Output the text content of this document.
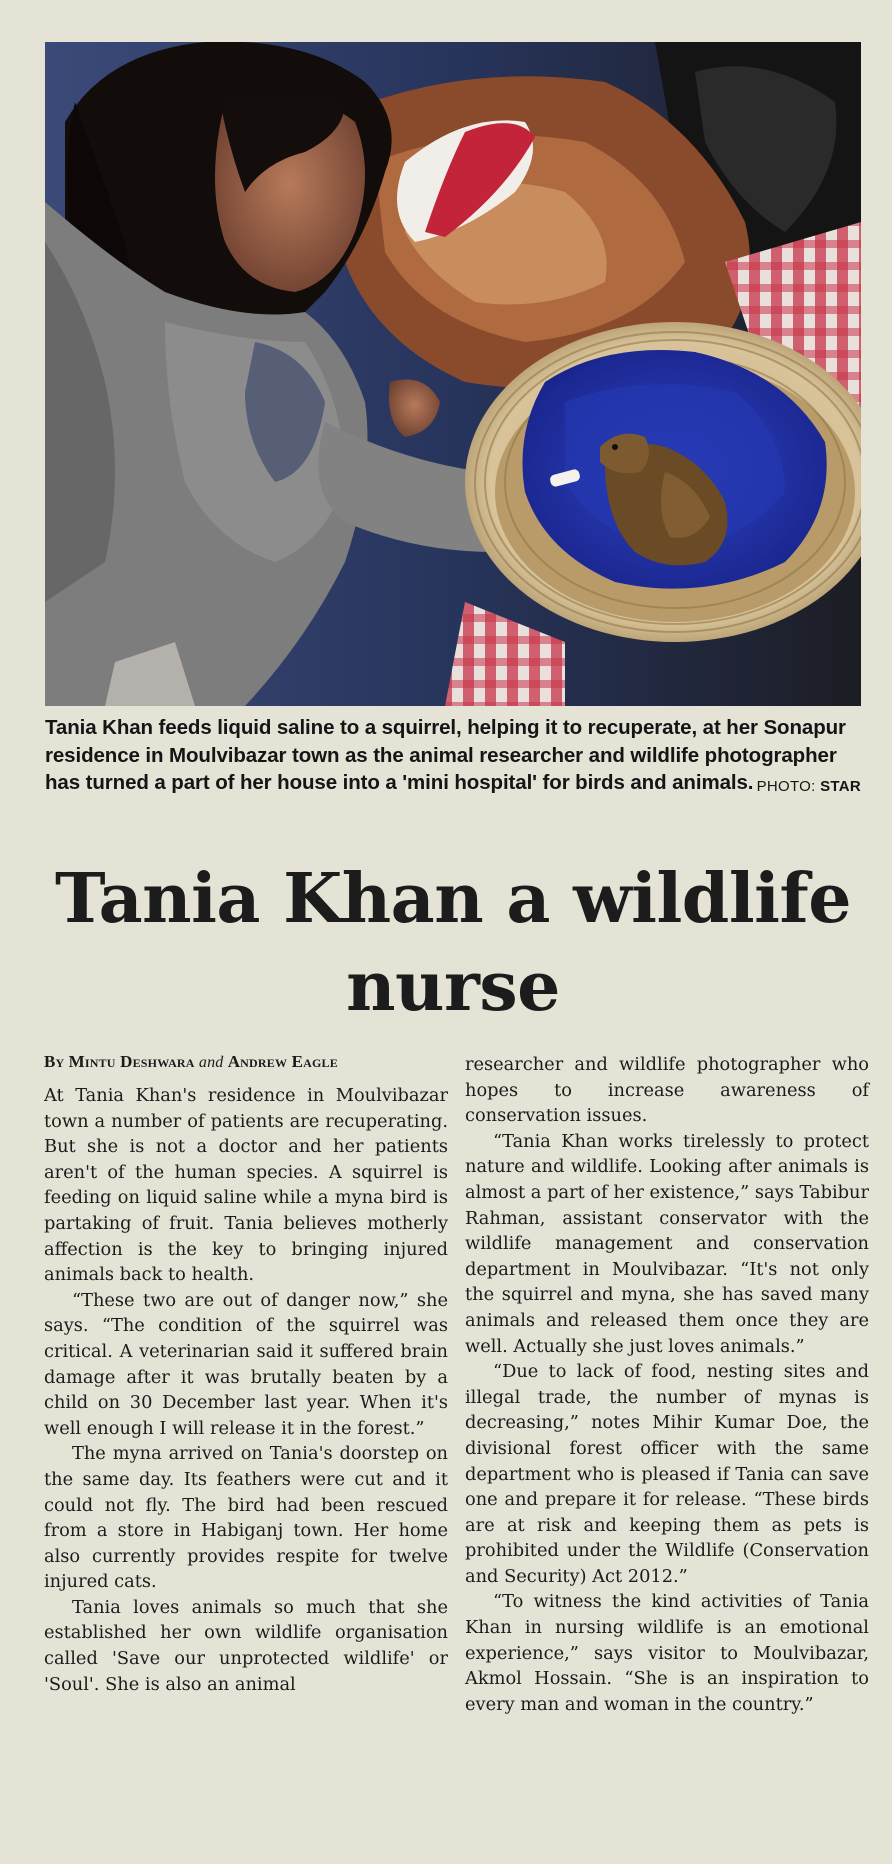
Tania Khan feeds liquid saline to a squirrel, helping it to recuperate, at her Sonapur residence in Moulvibazar town as the animal researcher and wildlife photographer has turned a part of her house into a 'mini hospital' for birds and animals. PHOTO: STAR
Tania Khan a wildlife
nurse
By Mintu Deshwara and Andrew Eagle

At Tania Khan's residence in Moulvibazar town a number of patients are recuperating. But she is not a doctor and her patients aren't of the human species. A squirrel is feeding on liquid saline while a myna bird is partaking of fruit. Tania believes motherly affection is the key to bringing injured animals back to health.

“These two are out of danger now,” she says. “The condition of the squirrel was critical. A veterinarian said it suffered brain damage after it was brutally beaten by a child on 30 December last year. When it's well enough I will release it in the forest.”

The myna arrived on Tania's doorstep on the same day. Its feathers were cut and it could not fly. The bird had been rescued from a store in Habiganj town. Her home also currently provides respite for twelve injured cats.

Tania loves animals so much that she established her own wildlife organisation called 'Save our unprotected wildlife' or 'Soul'. She is also an animal

researcher and wildlife photographer who hopes to increase awareness of conservation issues.

“Tania Khan works tirelessly to protect nature and wildlife. Looking after animals is almost a part of her existence,” says Tabibur Rahman, assistant conservator with the wildlife management and conservation department in Moulvibazar. “It's not only the squirrel and myna, she has saved many animals and released them once they are well. Actually she just loves animals.”

“Due to lack of food, nesting sites and illegal trade, the number of mynas is decreasing,” notes Mihir Kumar Doe, the divisional forest officer with the same department who is pleased if Tania can save one and prepare it for release. “These birds are at risk and keeping them as pets is prohibited under the Wildlife (Conservation and Security) Act 2012.”

“To witness the kind activities of Tania Khan in nursing wildlife is an emotional experience,” says visitor to Moulvibazar, Akmol Hossain. “She is an inspiration to every man and woman in the country.”
